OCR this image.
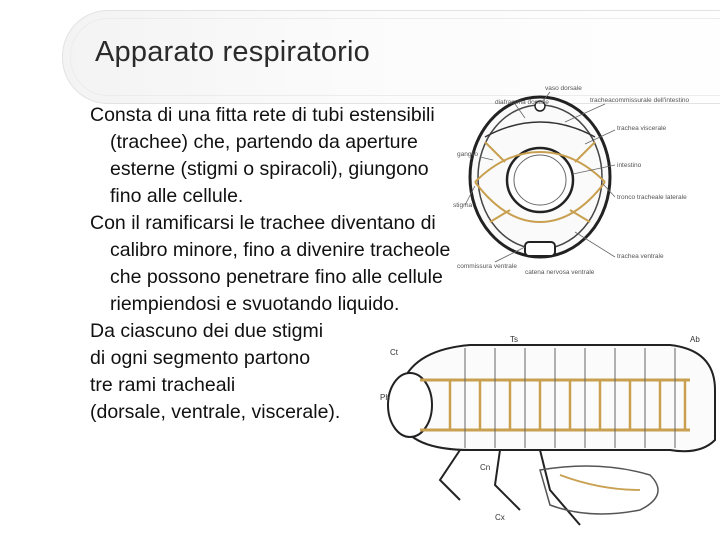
Apparato respiratorio
vaso dorsale
diaframma dorsale	tracheacommissurale dell'intestino
ganglio
trachea viscerale
intestino
stigma
tronco tracheale laterale
trachea ventrale
commissura ventrale
catena nervosa ventrale
Ct
Ph
Ts
Cx
Cn
Ab

Consta di una fitta rete di tubi estensibili (trachee) che, partendo da aperture esterne (stigmi o spiracoli), giungono fino alle cellule.

Con il ramificarsi le trachee diventano di calibro minore, fino a divenire tracheole che possono penetrare fino alle cellule riempiendosi e svuotando liquido.

Da ciascuno dei due stigmi

di ogni segmento partono

tre rami tracheali

(dorsale, ventrale, viscerale).
